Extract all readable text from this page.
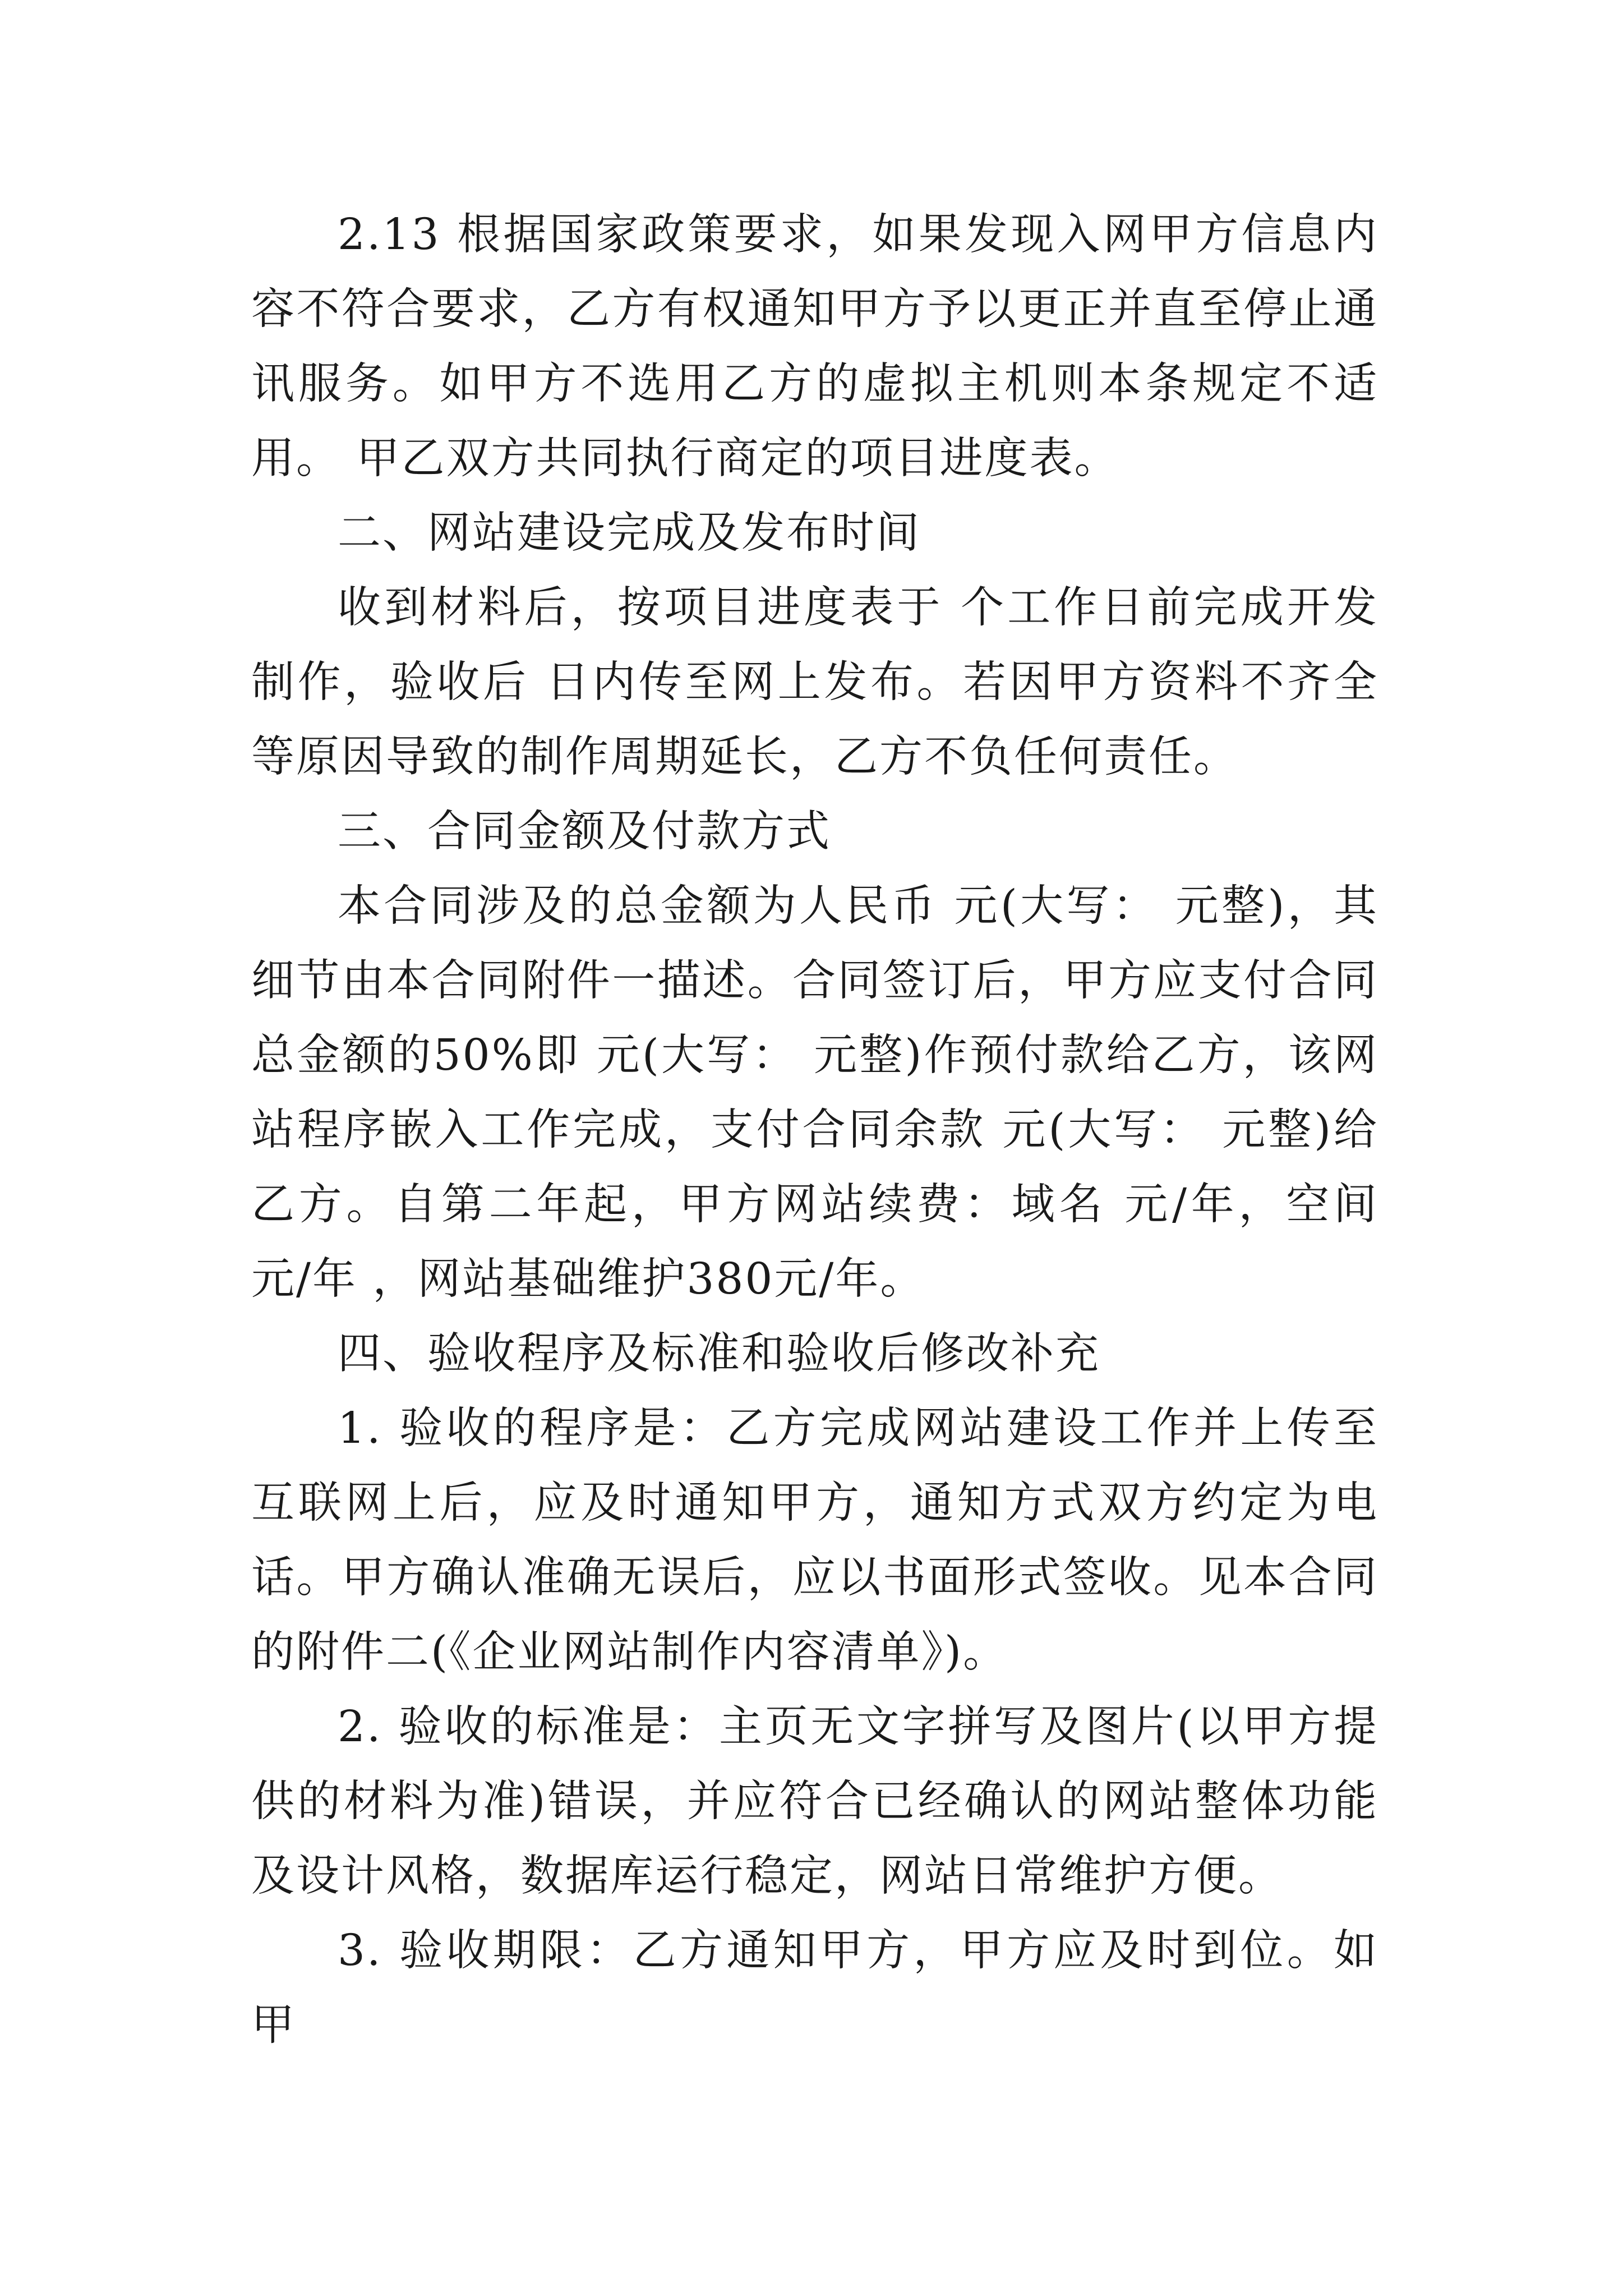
2.13 根据国家政策要求，如果发现入网甲方信息内容不符合要求，乙方有权通知甲方予以更正并直至停止通讯服务。如甲方不选用乙方的虚拟主机则本条规定不适用。 甲乙双方共同执行商定的项目进度表。

二、网站建设完成及发布时间

收到材料后，按项目进度表于 个工作日前完成开发制作，验收后 日内传至网上发布。若因甲方资料不齐全等原因导致的制作周期延长，乙方不负任何责任。

三、合同金额及付款方式

本合同涉及的总金额为人民币 元(大写： 元整)，其细节由本合同附件一描述。合同签订后，甲方应支付合同总金额的50%即 元(大写： 元整)作预付款给乙方，该网站程序嵌入工作完成，支付合同余款 元(大写： 元整)给乙方。自第二年起，甲方网站续费：域名 元/年，空间 元/年 ，网站基础维护380元/年。

四、验收程序及标准和验收后修改补充

1. 验收的程序是：乙方完成网站建设工作并上传至互联网上后，应及时通知甲方，通知方式双方约定为电话。甲方确认准确无误后，应以书面形式签收。见本合同的附件二(《企业网站制作内容清单》)。

2. 验收的标准是：主页无文字拼写及图片(以甲方提供的材料为准)错误，并应符合已经确认的网站整体功能及设计风格，数据库运行稳定，网站日常维护方便。

3. 验收期限：乙方通知甲方，甲方应及时到位。如甲
